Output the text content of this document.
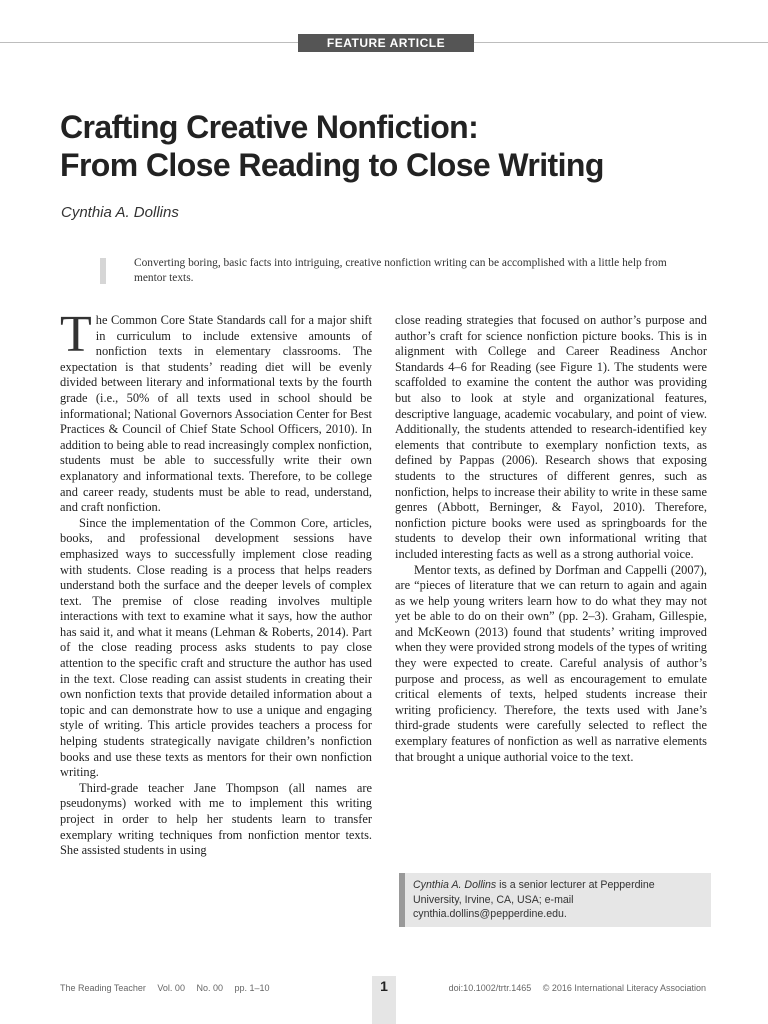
FEATURE ARTICLE
Crafting Creative Nonfiction:
From Close Reading to Close Writing
Cynthia A. Dollins
Converting boring, basic facts into intriguing, creative nonfiction writing can be accomplished with a little help from mentor texts.

The Common Core State Standards call for a major shift in curriculum to include extensive amounts of nonfiction texts in elementary classrooms. The expectation is that students’ reading diet will be evenly divided between literary and informational texts by the fourth grade (i.e., 50% of all texts used in school should be informational; National Governors Association Center for Best Practices & Council of Chief State School Officers, 2010). In addition to being able to read increasingly complex nonfiction, students must be able to successfully write their own explanatory and informational texts. Therefore, to be college and career ready, students must be able to read, understand, and craft nonfiction.

Since the implementation of the Common Core, articles, books, and professional development sessions have emphasized ways to successfully implement close reading with students. Close reading is a process that helps readers understand both the surface and the deeper levels of complex text. The premise of close reading involves multiple interactions with text to examine what it says, how the author has said it, and what it means (Lehman & Roberts, 2014). Part of the close reading process asks students to pay close attention to the specific craft and structure the author has used in the text. Close reading can assist students in creating their own nonfiction texts that provide detailed information about a topic and can demonstrate how to use a unique and engaging style of writing. This article provides teachers a process for helping students strategically navigate children’s nonfiction books and use these texts as mentors for their own nonfiction writing.

Third-grade teacher Jane Thompson (all names are pseudonyms) worked with me to implement this writing project in order to help her students learn to transfer exemplary writing techniques from nonfiction mentor texts. She assisted students in using

close reading strategies that focused on author’s purpose and author’s craft for science nonfiction picture books. This is in alignment with College and Career Readiness Anchor Standards 4–6 for Reading (see Figure 1). The students were scaffolded to examine the content the author was providing but also to look at style and organizational features, descriptive language, academic vocabulary, and point of view. Additionally, the students attended to research-identified key elements that contribute to exemplary nonfiction texts, as defined by Pappas (2006). Research shows that exposing students to the structures of different genres, such as nonfiction, helps to increase their ability to write in these same genres (Abbott, Berninger, & Fayol, 2010). Therefore, nonfiction picture books were used as springboards for the students to develop their own informational writing that included interesting facts as well as a strong authorial voice.

Mentor texts, as defined by Dorfman and Cappelli (2007), are “pieces of literature that we can return to again and again as we help young writers learn how to do what they may not yet be able to do on their own” (pp. 2–3). Graham, Gillespie, and McKeown (2013) found that students’ writing improved when they were provided strong models of the types of writing they were expected to create. Careful analysis of author’s purpose and process, as well as encouragement to emulate critical elements of texts, helped students increase their writing proficiency. Therefore, the texts used with Jane’s third-grade students were carefully selected to reflect the exemplary features of nonfiction as well as narrative elements that brought a unique authorial voice to the text.

Cynthia A. Dollins is a senior lecturer at Pepperdine University, Irvine, CA, USA; e-mail cynthia.dollins@pepperdine.edu.
The Reading Teacher Vol. 00 No. 00 pp. 1–10	1	doi:10.1002/trtr.1465 © 2016 International Literacy Association
